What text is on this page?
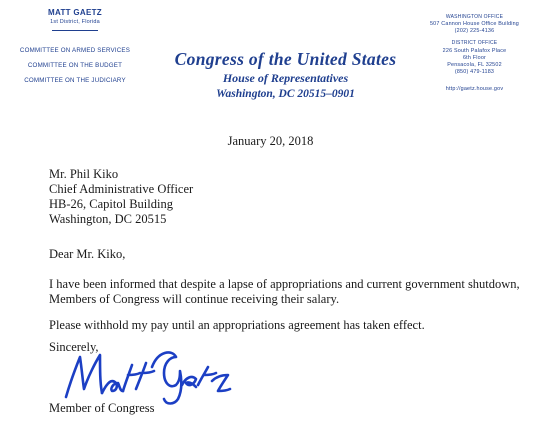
MATT GAETZ
1st District, Florida
COMMITTEE ON ARMED SERVICES
COMMITTEE ON THE BUDGET
COMMITTEE ON THE JUDICIARY
Congress of the United States
House of Representatives
Washington, DC 20515–0901
WASHINGTON OFFICE
507 Cannon House Office Building
(202) 225-4136
DISTRICT OFFICE
226 South Palafox Place
6th Floor
Pensacola, FL 32502
(850) 479-1183
http://gaetz.house.gov
January 20, 2018
Mr. Phil Kiko
Chief Administrative Officer
HB-26, Capitol Building
Washington, DC 20515
Dear Mr. Kiko,
I have been informed that despite a lapse of appropriations and current government shutdown,
Members of Congress will continue receiving their salary.
Please withhold my pay until an appropriations agreement has taken effect.
Sincerely,
Member of Congress
